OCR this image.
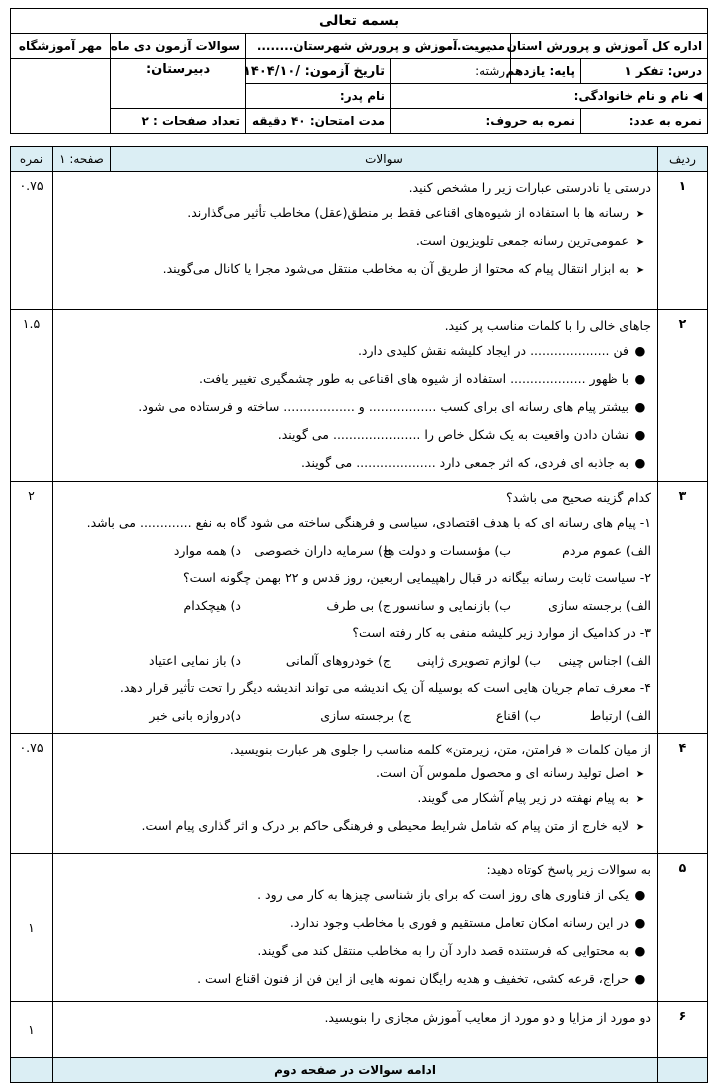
بسمه تعالی
اداره کل آموزش و پرورش استان ..............	مدیریت آموزش و پرورش شهرستان........	سوالات آزمون دی ماه	مهر آموزشگاه
درس: تفکر ۱	پایه: یازدهم	رشته:	تاریخ آزمون: /۱۴۰۴/۱۰	دبیرستان:	
◀ نام و نام خانوادگی:	نام پدر:
نمره به عدد:	نمره به حروف:	مدت امتحان: ۴۰ دقیقه	تعداد صفحات : ۲
ردیف	سوالات	صفحه: ۱	نمره
۱	
درستی یا نادرستی عبارات زیر را مشخص کنید.
➤رسانه ها با استفاده از شیوه‌های اقناعی فقط بر منطق(عقل) مخاطب تأثیر می‌گذارند.
➤عمومی‌ترین رسانه جمعی تلویزیون است.
➤به ابزار انتقال پیام که محتوا از طریق آن به مخاطب منتقل می‌شود مجرا یا کانال می‌گویند.
	۰.۷۵
۲	
جاهای خالی را با کلمات مناسب پر کنید.
●فن .................... در ایجاد کلیشه نقش کلیدی دارد.
●با ظهور ................... استفاده از شیوه های اقناعی به طور چشمگیری تغییر یافت.
●بیشتر پیام های رسانه ای برای کسب ................. و .................. ساخته و فرستاده می شود.
●نشان دادن واقعیت به یک شکل خاص را ...................... می گویند.
●به جاذبه ای فردی، که اثر جمعی دارد .................... می گویند.
	۱.۵
۳	
کدام گزینه صحیح می باشد؟
۱- پیام های رسانه ای که با هدف اقتصادی، سیاسی و فرهنگی ساخته می شود گاه به نفع ............. می باشد.
الف) عموم مردم
ب) مؤسسات و دولت ها
ج) سرمایه داران خصوصی
د) همه موارد
۲- سیاست ثابت رسانه بیگانه در قبال راهپیمایی اربعین، روز قدس و ۲۲ بهمن چگونه است؟
الف) برجسته سازی
ب) بازنمایی و سانسور
ج) بی طرف
د) هیچکدام
۳- در کدامیک از موارد زیر کلیشه منفی به کار رفته است؟
الف) اجناس چینی
ب) لوازم تصویری ژاپنی
ج) خودروهای آلمانی
د) باز نمایی اعتیاد
۴- معرف تمام جریان هایی است که بوسیله آن یک اندیشه می تواند اندیشه دیگر را تحت تأثیر قرار دهد.
الف) ارتباط
ب) اقناع
ج) برجسته سازی
د)دروازه بانی خبر
	۲
۴	
از میان کلمات « فرامتن، متن، زیرمتن» کلمه مناسب را جلوی هر عبارت بنویسید.
➤اصل تولید رسانه ای و محصول ملموس آن است.
➤به پیام نهفته در زیر پیام آشکار می گویند.
➤لایه خارج از متن پیام که شامل شرایط محیطی و فرهنگی حاکم بر درک و اثر گذاری پیام است.
	۰.۷۵
۵	
به سوالات زیر پاسخ کوتاه دهید:
●یکی از فناوری های روز است که برای باز شناسی چیزها به کار می رود .
●در این رسانه امکان تعامل مستقیم و فوری با مخاطب وجود ندارد.
●به محتوایی که فرستنده قصد دارد آن را به مخاطب منتقل کند می گویند.
●حراج، قرعه کشی، تخفیف و هدیه رایگان نمونه هایی از این فن از فنون اقناع است .
	۱
۶	
دو مورد از مزایا و دو مورد از معایب آموزش مجازی را بنویسید.
	۱
	ادامه سوالات در صفحه دوم	
